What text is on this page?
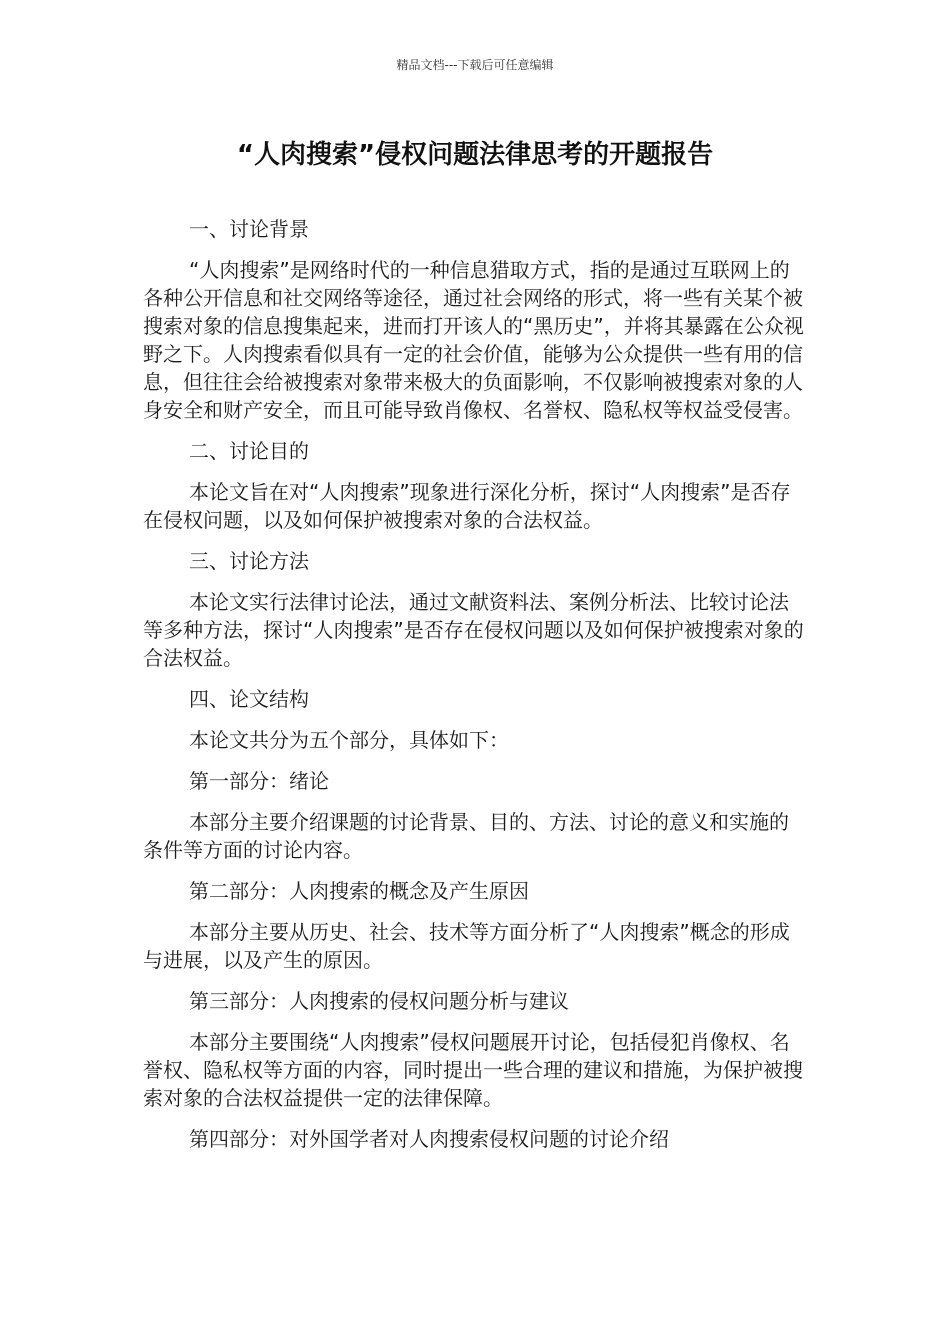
精品文档---下载后可任意编辑
“人肉搜索”侵权问题法律思考的开题报告

一、讨论背景

“人肉搜索”是网络时代的一种信息猎取方式，指的是通过互联网上的各种公开信息和社交网络等途径，通过社会网络的形式，将一些有关某个被搜索对象的信息搜集起来，进而打开该人的“黑历史”，并将其暴露在公众视野之下。人肉搜索看似具有一定的社会价值，能够为公众提供一些有用的信息，但往往会给被搜索对象带来极大的负面影响，不仅影响被搜索对象的人身安全和财产安全，而且可能导致肖像权、名誉权、隐私权等权益受侵害。

二、讨论目的

本论文旨在对“人肉搜索”现象进行深化分析，探讨“人肉搜索”是否存在侵权问题，以及如何保护被搜索对象的合法权益。

三、讨论方法

本论文实行法律讨论法，通过文献资料法、案例分析法、比较讨论法等多种方法，探讨“人肉搜索”是否存在侵权问题以及如何保护被搜索对象的合法权益。

四、论文结构

本论文共分为五个部分，具体如下：

第一部分：绪论

本部分主要介绍课题的讨论背景、目的、方法、讨论的意义和实施的条件等方面的讨论内容。

第二部分：人肉搜索的概念及产生原因

本部分主要从历史、社会、技术等方面分析了“人肉搜索”概念的形成与进展，以及产生的原因。

第三部分：人肉搜索的侵权问题分析与建议

本部分主要围绕“人肉搜索”侵权问题展开讨论，包括侵犯肖像权、名誉权、隐私权等方面的内容，同时提出一些合理的建议和措施，为保护被搜索对象的合法权益提供一定的法律保障。

第四部分：对外国学者对人肉搜索侵权问题的讨论介绍
